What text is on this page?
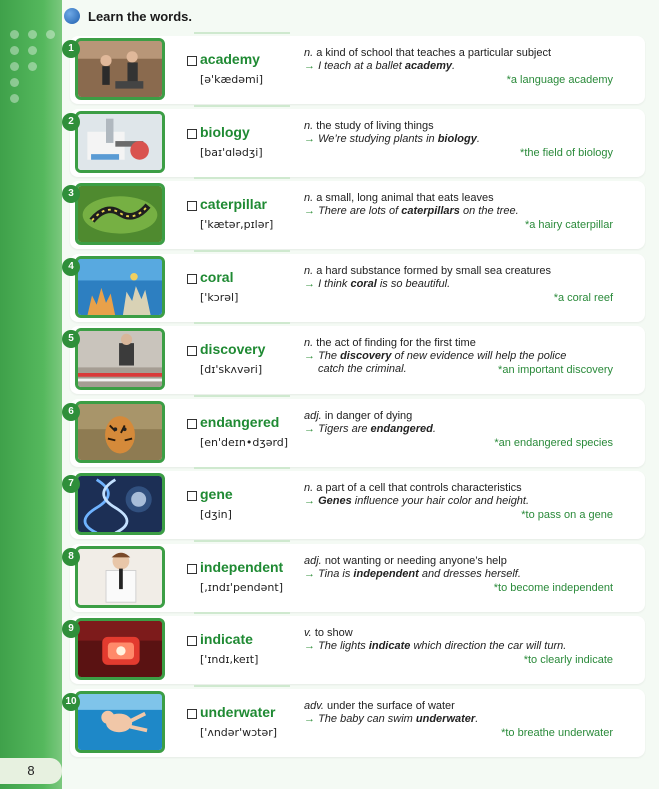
Learn the words.
1
academy
[ə'kædəmi]
n. a kind of school that teaches a particular subject
→ I teach at a ballet academy.
*a language academy
2
biology
[baɪ'ɑlədʒi]
n. the study of living things
→ We’re studying plants in biology.
*the field of biology
3
caterpillar
['kætər,pɪlər]
n. a small, long animal that eats leaves
→ There are lots of caterpillars on the tree.
*a hairy caterpillar
4
coral
['kɔrəl]
n. a hard substance formed by small sea creatures
→ I think coral is so beautiful.
*a coral reef
5
discovery
[dɪ'skʌvəri]
n. the act of finding for the first time
→ The discovery of new evidence will help the police
catch the criminal.	*an important discovery
6
endangered
[en'deɪn•dʒərd]
adj. in danger of dying
→ Tigers are endangered.
*an endangered species
7
gene
[dʒin]
n. a part of a cell that controls characteristics
→ Genes influence your hair color and height.
*to pass on a gene
8
independent
[,ɪndɪ'pendənt]
adj. not wanting or needing anyone’s help
→ Tina is independent and dresses herself.
*to become independent
9
indicate
['ɪndɪ,keɪt]
v. to show
→ The lights indicate which direction the car will turn.
*to clearly indicate
10
underwater
['ʌndər'wɔtər]
adv. under the surface of water
→ The baby can swim underwater.
*to breathe underwater
8
